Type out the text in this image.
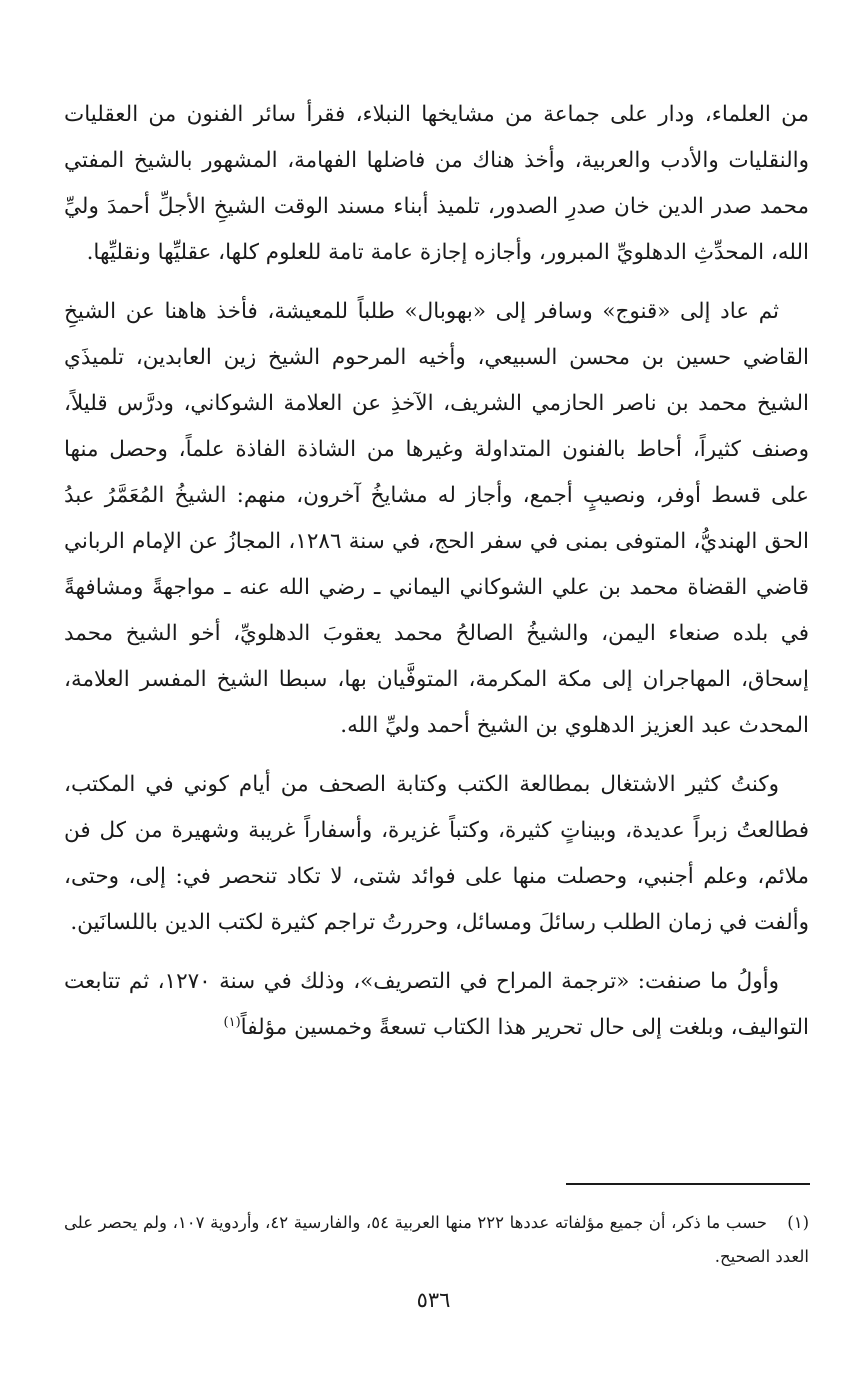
من العلماء، ودار على جماعة من مشايخها النبلاء، فقرأ سائر الفنون من العقليات والنقليات والأدب والعربية، وأخذ هناك من فاضلها الفهامة، المشهور بالشيخ المفتي محمد صدر الدين خان صدرِ الصدور، تلميذ أبناء مسند الوقت الشيخِ الأجلِّ أحمدَ وليِّ الله، المحدِّثِ الدهلويِّ المبرور، وأجازه إجازة عامة تامة للعلوم كلها، عقليِّها ونقليِّها.

ثم عاد إلى «قنوج» وسافر إلى «بهوبال» طلباً للمعيشة، فأخذ هاهنا عن الشيخِ القاضي حسين بن محسن السبيعي، وأخيه المرحوم الشيخ زين العابدين، تلميذَي الشيخ محمد بن ناصر الحازمي الشريف، الآخذِ عن العلامة الشوكاني، ودرَّس قليلاً، وصنف كثيراً، أحاط بالفنون المتداولة وغيرها من الشاذة الفاذة علماً، وحصل منها على قسط أوفر، ونصيبٍ أجمع، وأجاز له مشايخُ آخرون، منهم: الشيخُ المُعَمَّرُ عبدُ الحق الهنديُّ، المتوفى بمنى في سفر الحج، في سنة ١٢٨٦، المجازُ عن الإمام الرباني قاضي القضاة محمد بن علي الشوكاني اليماني ـ رضي الله عنه ـ مواجهةً ومشافهةً في بلده صنعاء اليمن، والشيخُ الصالحُ محمد يعقوبَ الدهلويِّ، أخو الشيخ محمد إسحاق، المهاجران إلى مكة المكرمة، المتوفَّيان بها، سبطا الشيخ المفسر العلامة، المحدث عبد العزيز الدهلوي بن الشيخ أحمد وليِّ الله.

وكنتُ كثير الاشتغال بمطالعة الكتب وكتابة الصحف من أيام كوني في المكتب، فطالعتُ زبراً عديدة، وبيناتٍ كثيرة، وكتباً غزيرة، وأسفاراً غريبة وشهيرة من كل فن ملائم، وعلم أجنبي، وحصلت منها على فوائد شتى، لا تكاد تنحصر في: إلى، وحتى، وألفت في زمان الطلب رسائلَ ومسائل، وحررتُ تراجم كثيرة لكتب الدين باللسانَين.

وأولُ ما صنفت: «ترجمة المراح في التصريف»، وذلك في سنة ١٢٧٠، ثم تتابعت التواليف، وبلغت إلى حال تحرير هذا الكتاب تسعةً وخمسين مؤلفاً$^{(١)}$

(١)حسب ما ذكر، أن جميع مؤلفاته عددها ٢٢٢ منها العربية ٥٤، والفارسية ٤٢، وأردوية ١٠٧، ولم يحصر على العدد الصحيح.

٥٣٦
